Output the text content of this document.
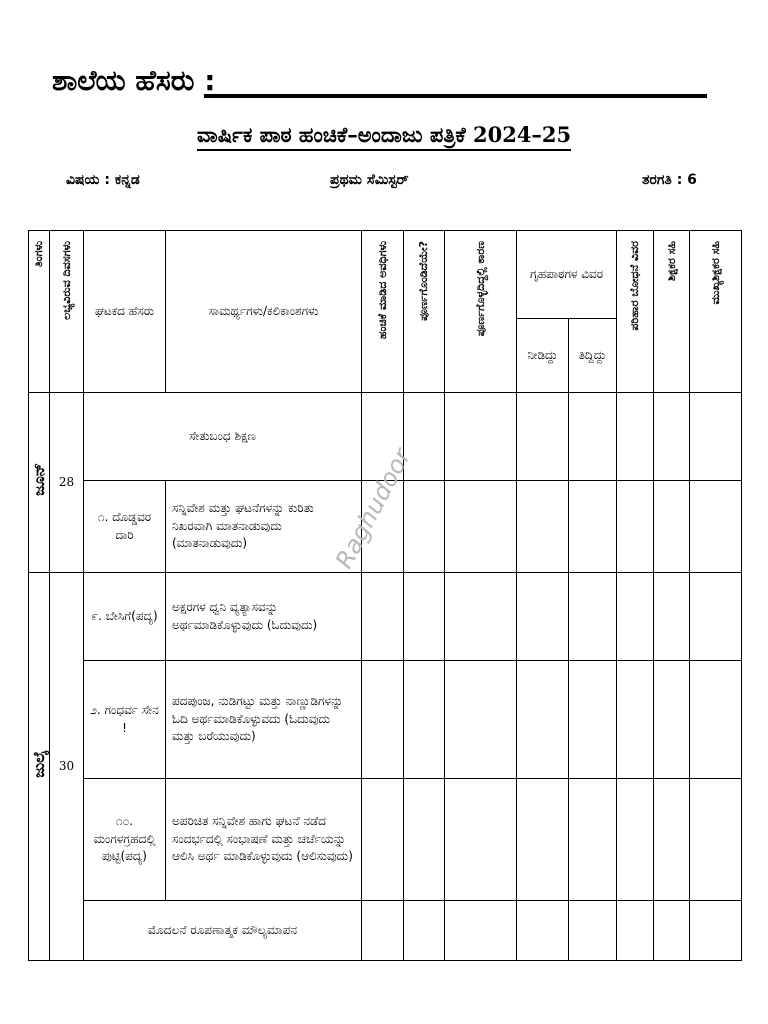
ಶಾಲೆಯ ಹೆಸರು :
ವಾರ್ಷಿಕ ಪಾಠ ಹಂಚಿಕೆ–ಅಂದಾಜು ಪತ್ರಿಕೆ 2024–25
ವಿಷಯ : ಕನ್ನಡ	ಪ್ರಥಮ ಸೆಮಿಸ್ಟರ್	ತರಗತಿ : 6
ತಿಂಗಳು	ಲಭ್ಯವಿರುವ ದಿವಸಗಳು	ಘಟಕದ ಹೆಸರು	ಸಾಮರ್ಥ್ಯಗಳು/ಕಲಿಕಾಂಶಗಳು	ಹಂಚಿಕೆ ಮಾಡಿದ ಅವಧಿಗಳು	ಪೂರ್ಣಗೊಂಡಿದೆಯೇ?	ಪೂರ್ಣಗೊಳ್ಳದಿದ್ದಲ್ಲಿ ಕಾರಣ	ಗೃಹಪಾಠಗಳ ವಿವರ		ಪರಿಹಾರ ಬೋಧನೆ ವಿವರ	ಶಿಕ್ಷಕರ ಸಹಿ	ಮುಖ್ಯಶಿಕ್ಷಕರ ಸಹಿ
							ನೀಡಿದ್ದು	ತಿದ್ದಿದ್ದು			
ಜೂನ್	28	ಸೇತುಬಂಧ ಶಿಕ್ಷಣ									
		೧. ದೊಡ್ಡವರ ದಾರಿ	ಸನ್ನಿವೇಶ ಮತ್ತು ಘಟನೆಗಳನ್ನು ಕುರಿತು ನಿಖರವಾಗಿ ಮಾತನಾಡುವುದು (ಮಾತನಾಡುವುದು)								
ಜುಲೈ	30	೯. ಬೇಸಿಗೆ(ಪದ್ಯ)	ಅಕ್ಷರಗಳ ಧ್ವನಿ ವ್ಯತ್ಯಾಸವನ್ನು ಅರ್ಥಮಾಡಿಕೊಳ್ಳುವುದು (ಓದುವುದು)								
		೨. ಗಂಧರ್ವ ಸೇನ !	ಪದಪುಂಜ, ನುಡಿಗಟ್ಟು ಮತ್ತು ನಾಣ್ಣುಡಿಗಳನ್ನು ಓದಿ ಅರ್ಥಮಾಡಿಕೊಳ್ಳುವದು (ಓದುವುದು ಮತ್ತು ಬರೆಯುವುದು)								
		೧೦. ಮಂಗಳಗ್ರಹದಲ್ಲಿ ಪುಟ್ಟಿ(ಪದ್ಯ)	ಅಪರಿಚಿತ ಸನ್ನಿವೇಶ ಹಾಗು ಘಟನೆ ನಡೆದ ಸಂದರ್ಭದಲ್ಲಿ ಸಂಭಾಷಣೆ ಮತ್ತು ಚರ್ಚೆಯನ್ನು ಆಲಿಸಿ ಅರ್ಥ ಮಾಡಿಕೊಳ್ಳುವುದು (ಆಲಿಸುವುದು)								
		ಮೊದಲನೆ ರೂಪಣಾತ್ಮಕ ಮೌಲ್ಯಮಾಪನ									
Raghudoor
